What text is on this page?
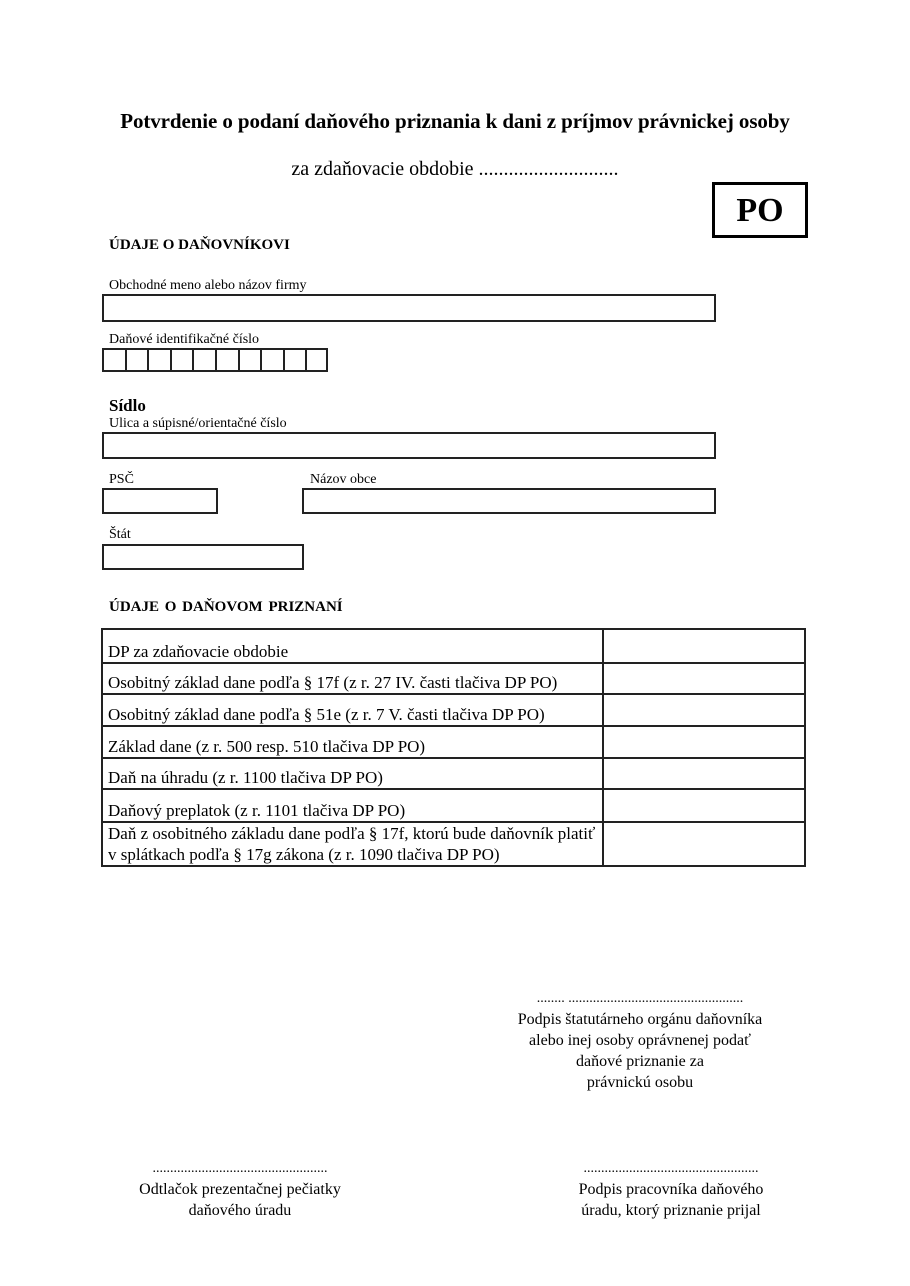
Potvrdenie o podaní daňového priznania k dani z príjmov právnickej osoby
za zdaňovacie obdobie ............................
PO
ÚDAJE O DAŇOVNÍKOVI
Obchodné meno alebo názov firmy
Daňové identifikačné číslo
Sídlo
Ulica a súpisné/orientačné číslo
PSČ	Názov obce
Štát
ÚDAJE O DAŇOVOM PRIZNANÍ
DP za zdaňovacie obdobie	
Osobitný základ dane podľa § 17f (z r. 27 IV. časti tlačiva DP PO)	
Osobitný základ dane podľa § 51e (z r. 7 V. časti tlačiva DP PO)	
Základ dane (z r. 500 resp. 510 tlačiva DP PO)	
Daň na úhradu (z r. 1100 tlačiva DP PO)	
Daňový preplatok (z r. 1101 tlačiva DP PO)	
Daň z osobitného základu dane podľa § 17f, ktorú bude daňovník platiť v splátkach podľa § 17g zákona (z r. 1090 tlačiva DP PO)	
........ ..................................................
Podpis štatutárneho orgánu daňovníka
alebo inej osoby oprávnenej podať
daňové priznanie za
právnickú osobu
..................................................
Odtlačok prezentačnej pečiatky
daňového úradu
..................................................
Podpis pracovníka daňového
úradu, ktorý priznanie prijal
